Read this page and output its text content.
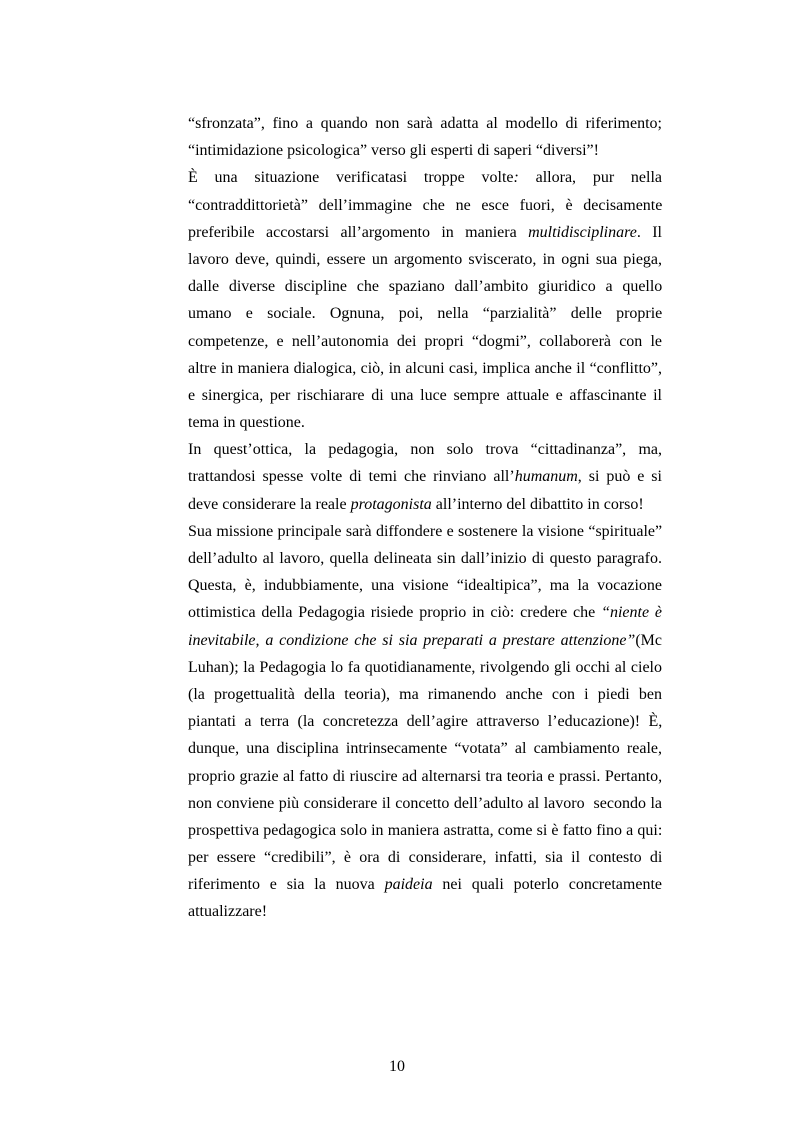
“sfronzata”, fino a quando non sarà adatta al modello di riferimento;
“intimidazione psicologica” verso gli esperti di saperi “diversi”!
È una situazione verificatasi troppe volte: allora, pur nella
“contraddittorietà” dell’immagine che ne esce fuori, è decisamente
preferibile accostarsi all’argomento in maniera multidisciplinare. Il
lavoro deve, quindi, essere un argomento sviscerato, in ogni sua piega,
dalle diverse discipline che spaziano dall’ambito giuridico a quello
umano e sociale. Ognuna, poi, nella “parzialità” delle proprie
competenze, e nell’autonomia dei propri “dogmi”, collaborerà con le
altre in maniera dialogica, ciò, in alcuni casi, implica anche il “conflitto”,
e sinergica, per rischiarare di una luce sempre attuale e affascinante il
tema in questione.
In quest’ottica, la pedagogia, non solo trova “cittadinanza”, ma,
trattandosi spesse volte di temi che rinviano all’humanum, si può e si
deve considerare la reale protagonista all’interno del dibattito in corso!
Sua missione principale sarà diffondere e sostenere la visione “spirituale”
dell’adulto al lavoro, quella delineata sin dall’inizio di questo paragrafo.
Questa, è, indubbiamente, una visione “idealtipica”, ma la vocazione
ottimistica della Pedagogia risiede proprio in ciò: credere che “niente è
inevitabile, a condizione che si sia preparati a prestare attenzione”(Mc
Luhan); la Pedagogia lo fa quotidianamente, rivolgendo gli occhi al cielo
(la progettualità della teoria), ma rimanendo anche con i piedi ben
piantati a terra (la concretezza dell’agire attraverso l’educazione)! È,
dunque, una disciplina intrinsecamente “votata” al cambiamento reale,
proprio grazie al fatto di riuscire ad alternarsi tra teoria e prassi. Pertanto,
non conviene più considerare il concetto dell’adulto al lavoro  secondo la
prospettiva pedagogica solo in maniera astratta, come si è fatto fino a qui:
per essere “credibili”, è ora di considerare, infatti, sia il contesto di
riferimento e sia la nuova paideia nei quali poterlo concretamente
attualizzare!
10
